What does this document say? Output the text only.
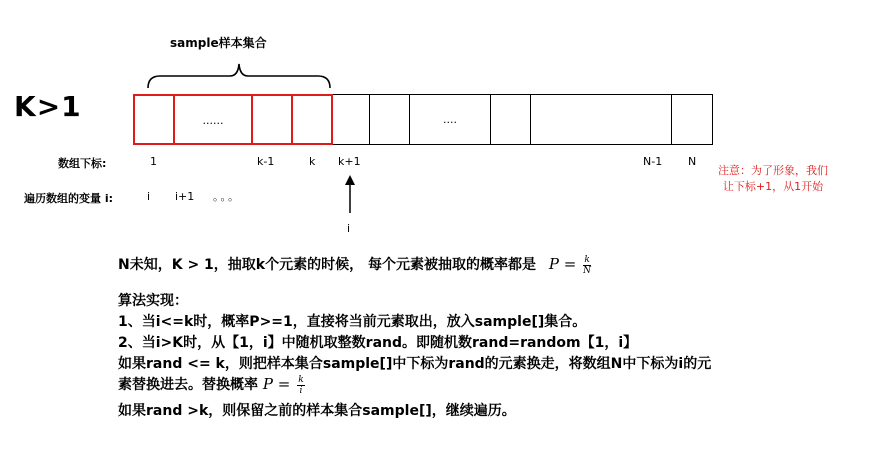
sample样本集合
K>1	....
......
数组下标:	1	k-1	k k+1	N-1 N
注意：为了形象，我们让下标+1，从1开始
遍历数组的变量 i:	i i+1 。。。
i
N未知，K > 1，抽取k个元素的时候， 每个元素被抽取的概率都是 $P = \frac{k}{N}$
算法实现：
1、当i<=k时，概率P>=1，直接将当前元素取出，放入sample[]集合。
2、当i>K时，从【1，i】中随机取整数rand。即随机数rand=random【1，i】
如果rand <= k，则把样本集合sample[]中下标为rand的元素换走，将数组N中下标为i的元
素替换进去。替换概率 $P = \frac{k}{i}$
如果rand >k，则保留之前的样本集合sample[]，继续遍历。
